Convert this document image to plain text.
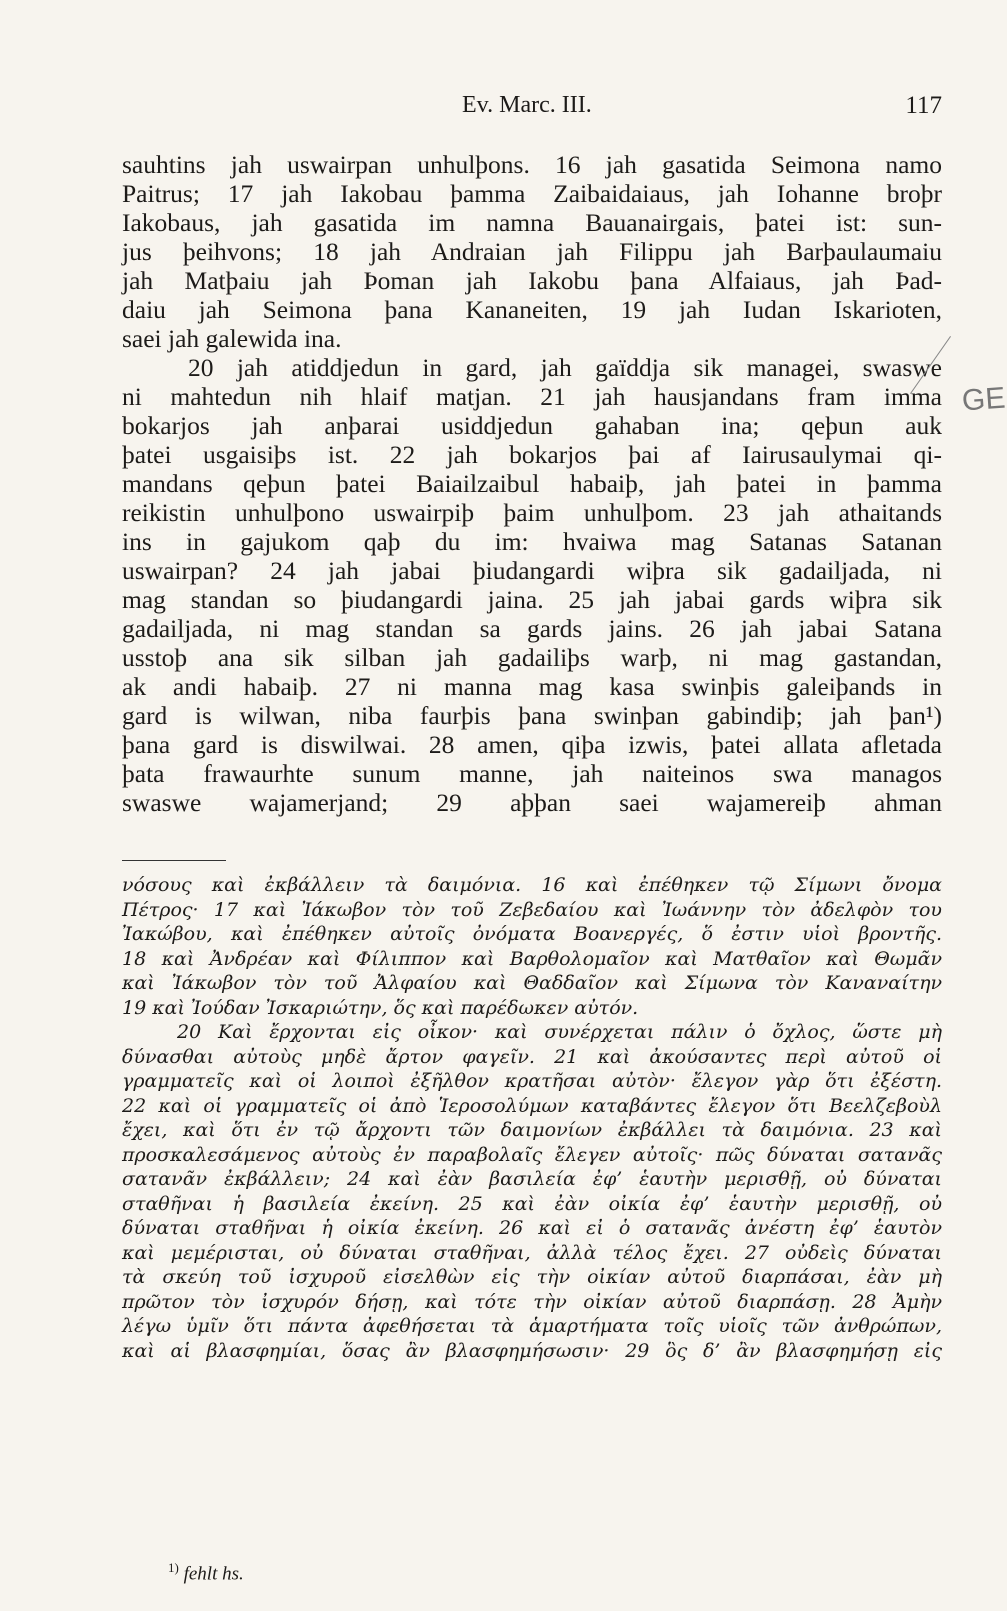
Ev. Marc. III.	117
sauhtins jah uswairpan unhulþons. 16 jah gasatida Seimona namo
Paitrus; 17 jah Iakobau þamma Zaibaidaiaus, jah Iohanne broþr
Iakobaus, jah gasatida im namna Bauanairgais, þatei ist: sun-
jus þeihvons; 18 jah Andraian jah Filippu jah Barþaulaumaiu
jah Matþaiu jah Þoman jah Iakobu þana Alfaiaus, jah Þad-
daiu jah Seimona þana Kananeiten, 19 jah Iudan Iskarioten,
saei jah galewida ina.
20 jah atiddjedun in gard, jah gaïddja sik managei, swaswe
ni mahtedun nih hlaif matjan. 21 jah hausjandans fram imma
bokarjos jah anþarai usiddjedun gahaban ina; qeþun auk
þatei usgaisiþs ist. 22 jah bokarjos þai af Iairusaulymai qi-
mandans qeþun þatei Baiailzaibul habaiþ, jah þatei in þamma
reikistin unhulþono uswairpiþ þaim unhulþom. 23 jah athaitands
ins in gajukom qaþ du im: hvaiwa mag Satanas Satanan
uswairpan? 24 jah jabai þiudangardi wiþra sik gadailjada, ni
mag standan so þiudangardi jaina. 25 jah jabai gards wiþra sik
gadailjada, ni mag standan sa gards jains. 26 jah jabai Satana
usstoþ ana sik silban jah gadailiþs warþ, ni mag gastandan,
ak andi habaiþ. 27 ni manna mag kasa swinþis galeiþands in
gard is wilwan, niba faurþis þana swinþan gabindiþ; jah þan¹)
þana gard is diswilwai. 28 amen, qiþa izwis, þatei allata afletada
þata frawaurhte sunum manne, jah naiteinos swa managos
swaswe wajamerjand; 29 aþþan saei wajamereiþ ahman
νόσους καὶ ἐκβάλλειν τὰ δαιμόνια. 16 καὶ ἐπέθηκεν τῷ Σίμωνι ὄνομα
Πέτρος· 17 καὶ Ἰάκωβον τὸν τοῦ Ζεβεδαίου καὶ Ἰωάννην τὸν ἀδελφὸν του
Ἰακώβου, καὶ ἐπέθηκεν αὐτοῖς ὀνόματα Βοανεργές, ὅ ἐστιν υἱοὶ βροντῆς.
18 καὶ Ἀνδρέαν καὶ Φίλιππον καὶ Βαρθολομαῖον καὶ Ματθαῖον καὶ Θωμᾶν
καὶ Ἰάκωβον τὸν τοῦ Ἀλφαίου καὶ Θαδδαῖον καὶ Σίμωνα τὸν Καναναίτην
19 καὶ Ἰούδαν Ἰσκαριώτην, ὅς καὶ παρέδωκεν αὐτόν.
20 Καὶ ἔρχονται εἰς οἶκον· καὶ συνέρχεται πάλιν ὁ ὄχλος, ὥστε μὴ
δύνασθαι αὐτοὺς μηδὲ ἄρτον φαγεῖν. 21 καὶ ἀκούσαντες περὶ αὐτοῦ οἱ
γραμματεῖς καὶ οἱ λοιποὶ ἐξῆλθον κρατῆσαι αὐτὸν· ἔλεγον γὰρ ὅτι ἐξέστη.
22 καὶ οἱ γραμματεῖς οἱ ἀπὸ Ἱεροσολύμων καταβάντες ἔλεγον ὅτι Βεελζεβοὺλ
ἔχει, καὶ ὅτι ἐν τῷ ἄρχοντι τῶν δαιμονίων ἐκβάλλει τὰ δαιμόνια. 23 καὶ
προσκαλεσάμενος αὐτοὺς ἐν παραβολαῖς ἔλεγεν αὐτοῖς· πῶς δύναται σατανᾶς
σατανᾶν ἐκβάλλειν; 24 καὶ ἐὰν βασιλεία ἐφ’ ἑαυτὴν μερισθῇ, οὐ δύναται
σταθῆναι ἡ βασιλεία ἐκείνη. 25 καὶ ἐὰν οἰκία ἐφ’ ἑαυτὴν μερισθῇ, οὐ
δύναται σταθῆναι ἡ οἰκία ἐκείνη. 26 καὶ εἰ ὁ σατανᾶς ἀνέστη ἐφ’ ἑαυτὸν
καὶ μεμέρισται, οὐ δύναται σταθῆναι, ἀλλὰ τέλος ἔχει. 27 οὐδεὶς δύναται
τὰ σκεύη τοῦ ἰσχυροῦ εἰσελθὼν εἰς τὴν οἰκίαν αὐτοῦ διαρπάσαι, ἐὰν μὴ
πρῶτον τὸν ἰσχυρόν δήσῃ, καὶ τότε τὴν οἰκίαν αὐτοῦ διαρπάσῃ. 28 Ἀμὴν
λέγω ὑμῖν ὅτι πάντα ἀφεθήσεται τὰ ἁμαρτήματα τοῖς υἱοῖς τῶν ἀνθρώπων,
καὶ αἱ βλασφημίαι, ὅσας ἂν βλασφημήσωσιν· 29 ὃς δ’ ἂν βλασφημήσῃ εἰς
$^{1)}$ fehlt hs.
GE
